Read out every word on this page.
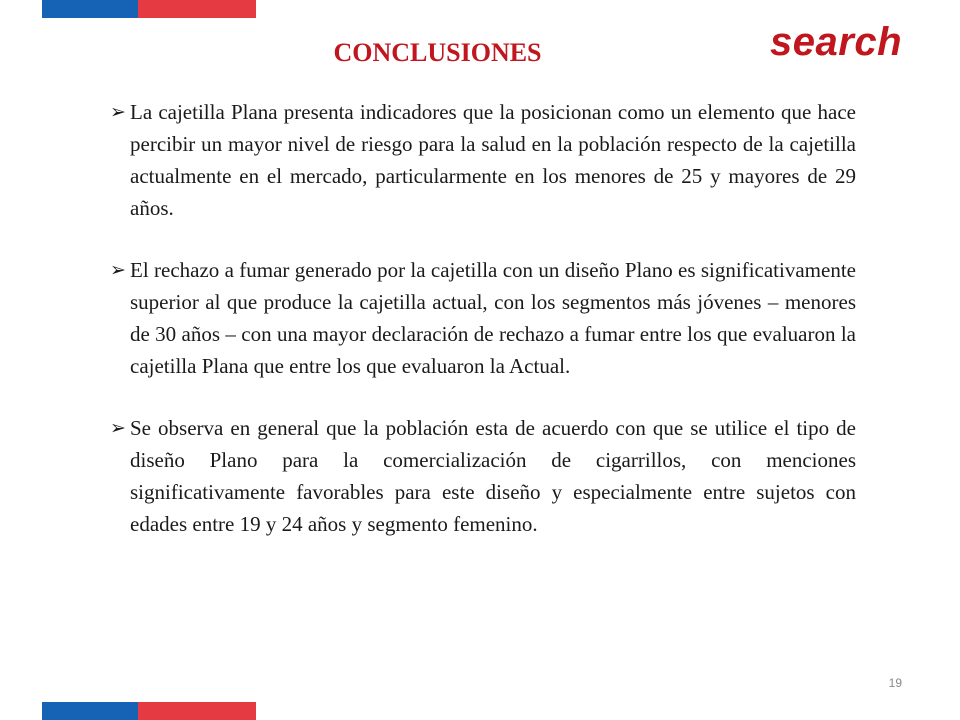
search
CONCLUSIONES

➢ La cajetilla Plana presenta indicadores que la posicionan como un elemento que hace percibir un mayor nivel de riesgo para la salud en la población respecto de la cajetilla actualmente en el mercado, particularmente en los menores de 25 y mayores de 29 años.

➢ El rechazo a fumar generado por la cajetilla con un diseño Plano es significativamente superior al que produce la cajetilla actual, con los segmentos más jóvenes – menores de 30 años – con una mayor declaración de rechazo a fumar entre los que evaluaron la cajetilla Plana que entre los que evaluaron la Actual.

➢ Se observa en general que la población esta de acuerdo con que se utilice el tipo de diseño Plano para la comercialización de cigarrillos, con menciones significativamente favorables para este diseño y especialmente entre sujetos con edades entre 19 y 24 años y segmento femenino.

19
